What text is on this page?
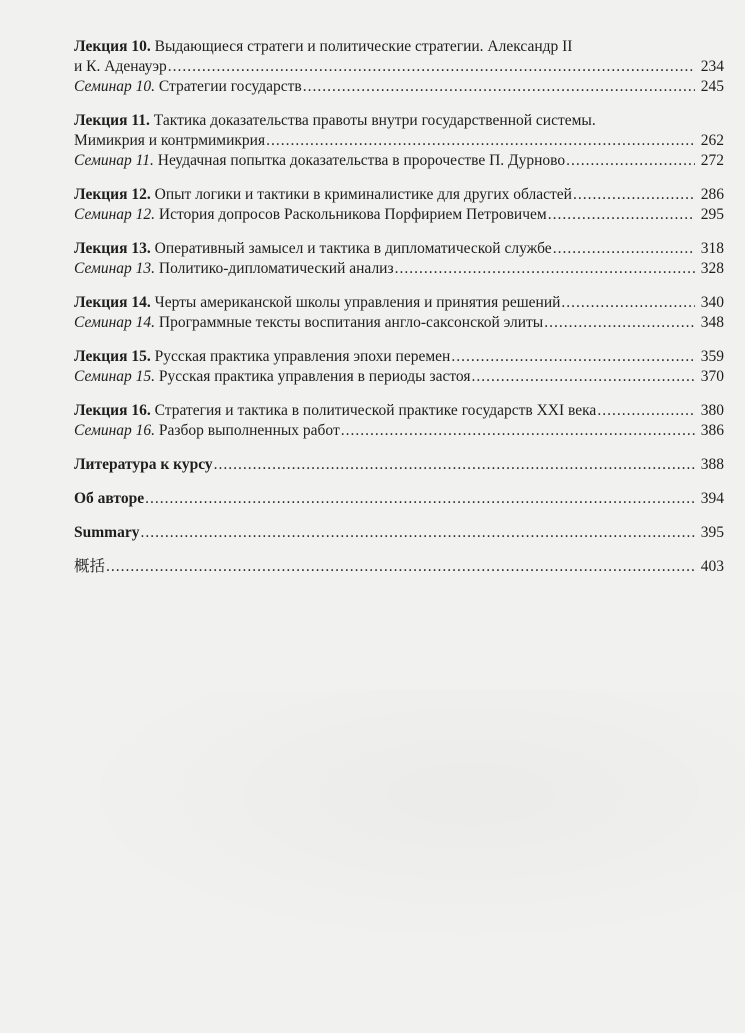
Лекция 10. Выдающиеся стратеги и политические стратегии. Александр II
и К. Аденауэр .....	234
Семинар 10. Стратегии государств .....	245
Лекция 11. Тактика доказательства правоты внутри государственной системы.
Мимикрия и контрмимикрия .....	262
Семинар 11. Неудачная попытка доказательства в пророчестве П. Дурново .....	272
Лекция 12. Опыт логики и тактики в криминалистике для других областей .....	286
Семинар 12. История допросов Раскольникова Порфирием Петровичем .....	295
Лекция 13. Оперативный замысел и тактика в дипломатической службе .....	318
Семинар 13. Политико-дипломатический анализ .....	328
Лекция 14. Черты американской школы управления и принятия решений .....	340
Семинар 14. Программные тексты воспитания англо-саксонской элиты .....	348
Лекция 15. Русская практика управления эпохи перемен .....	359
Семинар 15. Русская практика управления в периоды застоя .....	370
Лекция 16. Стратегия и тактика в политической практике государств XXI века .....	380
Семинар 16. Разбор выполненных работ .....	386
Литература к курсу .....	388
Об авторе .....	394
Summary .....	395
概括 .....	403
